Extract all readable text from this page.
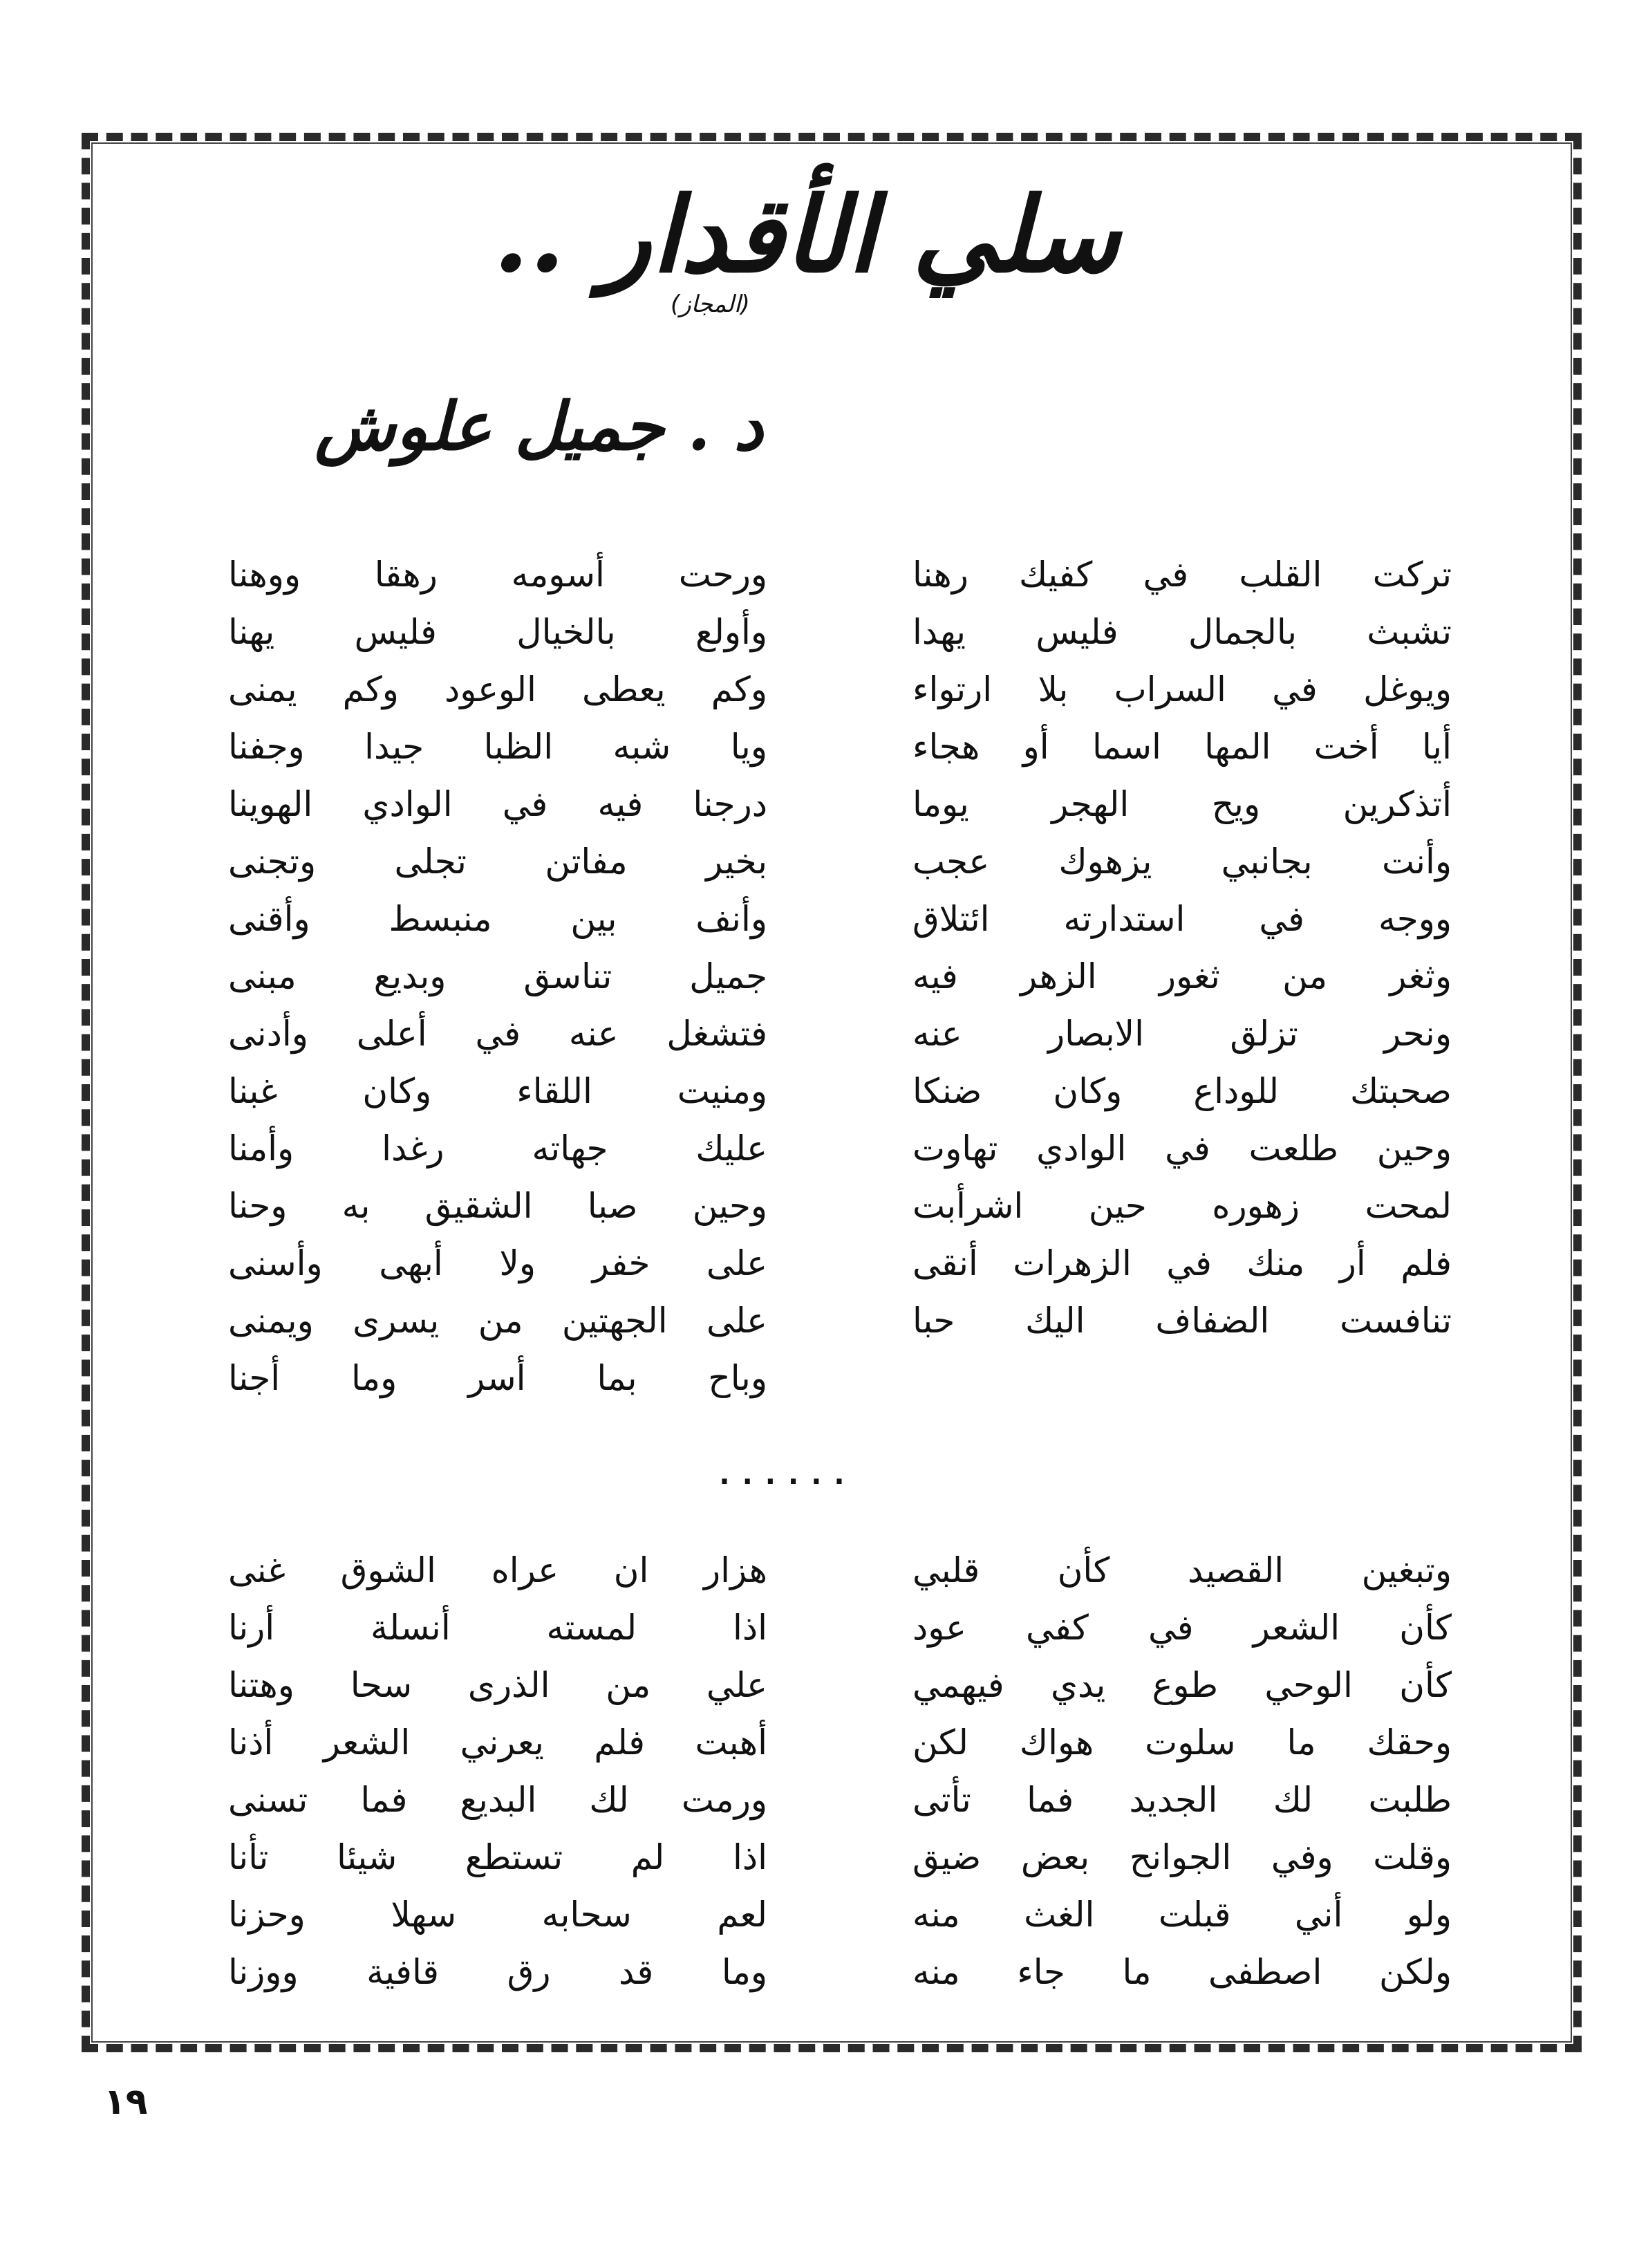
سلي الأقدار ..
(المجاز)
د . جميل علوش
تركت القلب في كفيك رهنا
ورحت أسومه رهقا ووهنا
تشبث بالجمال فليس يهدا
وأولع بالخيال فليس يهنا
ويوغل في السراب بلا ارتواء
وكم يعطى الوعود وكم يمنى
أيا أخت المها اسما أو هجاء
ويا شبه الظبا جيدا وجفنا
أتذكرين ويح الهجر يوما
درجنا فيه في الوادي الهوينا
وأنت بجانبي يزهوك عجب
بخير مفاتن تجلى وتجنى
ووجه في استدارته ائتلاق
وأنف بين منبسط وأقنى
وثغر من ثغور الزهر فيه
جميل تناسق وبديع مبنى
ونحر تزلق الابصار عنه
فتشغل عنه في أعلى وأدنى
صحبتك للوداع وكان ضنكا
ومنيت اللقاء وكان غبنا
وحين طلعت في الوادي تهاوت
عليك جهاته رغدا وأمنا
لمحت زهوره حين اشرأبت
وحين صبا الشقيق به وحنا
فلم أر منك في الزهرات أنقى
على خفر ولا أبهى وأسنى
تنافست الضفاف اليك حبا
على الجهتين من يسرى ويمنى
وباح بما أسر وما أجنا
......
وتبغين القصيد كأن قلبي
هزار ان عراه الشوق غنى
كأن الشعر في كفي عود
اذا لمسته أنسلة أرنا
كأن الوحي طوع يدي فيهمي
علي من الذرى سحا وهتنا
وحقك ما سلوت هواك لكن
أهبت فلم يعرني الشعر أذنا
طلبت لك الجديد فما تأتى
ورمت لك البديع فما تسنى
وقلت وفي الجوانح بعض ضيق
اذا لم تستطع شيئا تأنا
ولو أني قبلت الغث منه
لعم سحابه سهلا وحزنا
ولكن اصطفى ما جاء منه
وما قد رق قافية ووزنا
١٩
